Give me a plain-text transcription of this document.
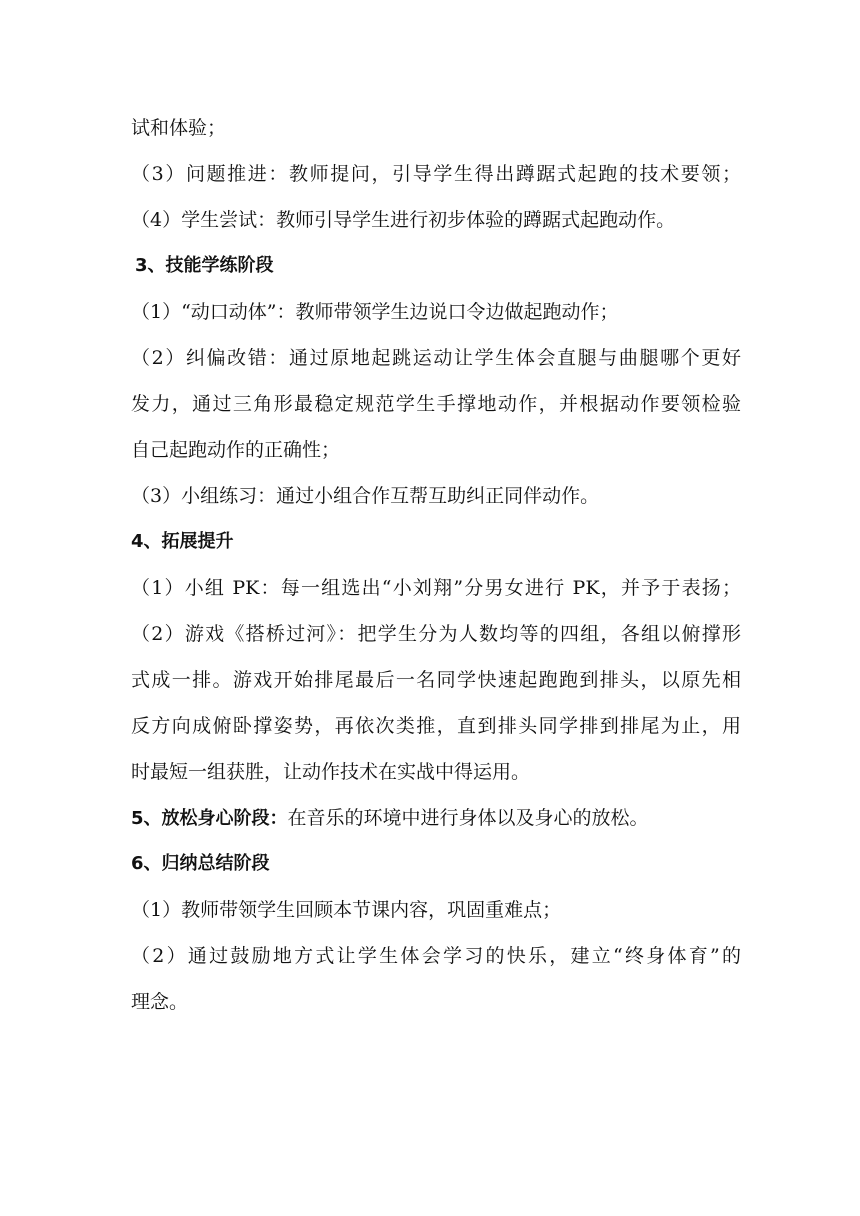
试和体验；
（3）问题推进：教师提问，引导学生得出蹲踞式起跑的技术要领；
（4）学生尝试：教师引导学生进行初步体验的蹲踞式起跑动作。
3、技能学练阶段
（1）“动口动体”：教师带领学生边说口令边做起跑动作；
（2）纠偏改错：通过原地起跳运动让学生体会直腿与曲腿哪个更好
发力，通过三角形最稳定规范学生手撑地动作，并根据动作要领检验
自己起跑动作的正确性；
（3）小组练习：通过小组合作互帮互助纠正同伴动作。
4、拓展提升
（1）小组 PK：每一组选出“小刘翔”分男女进行 PK，并予于表扬；
（2）游戏《搭桥过河》：把学生分为人数均等的四组，各组以俯撑形
式成一排。游戏开始排尾最后一名同学快速起跑跑到排头，以原先相
反方向成俯卧撑姿势，再依次类推，直到排头同学排到排尾为止，用
时最短一组获胜，让动作技术在实战中得运用。
5、放松身心阶段：在音乐的环境中进行身体以及身心的放松。
6、归纳总结阶段
（1）教师带领学生回顾本节课内容，巩固重难点；
（2）通过鼓励地方式让学生体会学习的快乐，建立“终身体育”的
理念。
